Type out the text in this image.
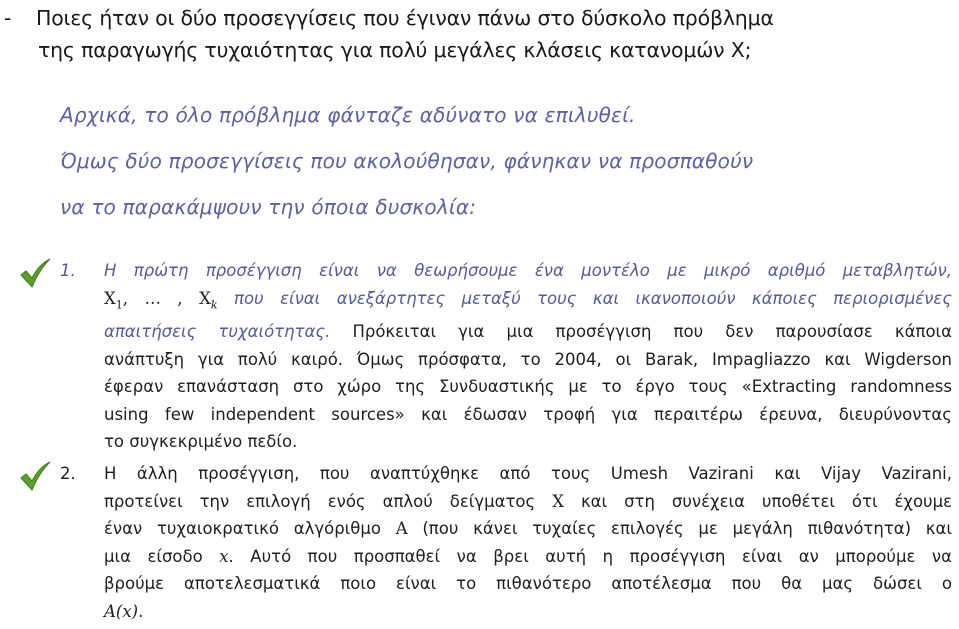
-	Ποιες ήταν οι δύο προσεγγίσεις που έγιναν πάνω στο δύσκολο πρόβλημα
της παραγωγής τυχαιότητας για πολύ μεγάλες κλάσεις κατανομών X;
Αρχικά, το όλο πρόβλημα φάνταζε αδύνατο να επιλυθεί.
Όμως δύο προσεγγίσεις που ακολούθησαν, φάνηκαν να προσπαθούν
να το παρακάμψουν την όποια δυσκολία:
1. Η πρώτη προσέγγιση είναι να θεωρήσουμε ένα μοντέλο με μικρό αριθμό μεταβλητών,
$X_1$, … , $X_k$ που είναι ανεξάρτητες μεταξύ τους και ικανοποιούν κάποιες περιορισμένες
απαιτήσεις τυχαιότητας. Πρόκειται για μια προσέγγιση που δεν παρουσίασε κάποια
ανάπτυξη για πολύ καιρό. Όμως πρόσφατα, το 2004, οι Barak, Impagliazzo και Wigderson
έφεραν επανάσταση στο χώρο της Συνδυαστικής με το έργο τους «Extracting randomness
using few independent sources» και έδωσαν τροφή για περαιτέρω έρευνα, διευρύνοντας
το συγκεκριμένο πεδίο.
2. Η άλλη προσέγγιση, που αναπτύχθηκε από τους Umesh Vazirani και Vijay Vazirani,
προτείνει την επιλογή ενός απλού δείγματος X και στη συνέχεια υποθέτει ότι έχουμε
έναν τυχαιοκρατικό αλγόριθμο A (που κάνει τυχαίες επιλογές με μεγάλη πιθανότητα) και
μια είσοδο x. Αυτό που προσπαθεί να βρει αυτή η προσέγγιση είναι αν μπορούμε να
βρούμε αποτελεσματικά ποιο είναι το πιθανότερο αποτέλεσμα που θα μας δώσει ο
A(x).
